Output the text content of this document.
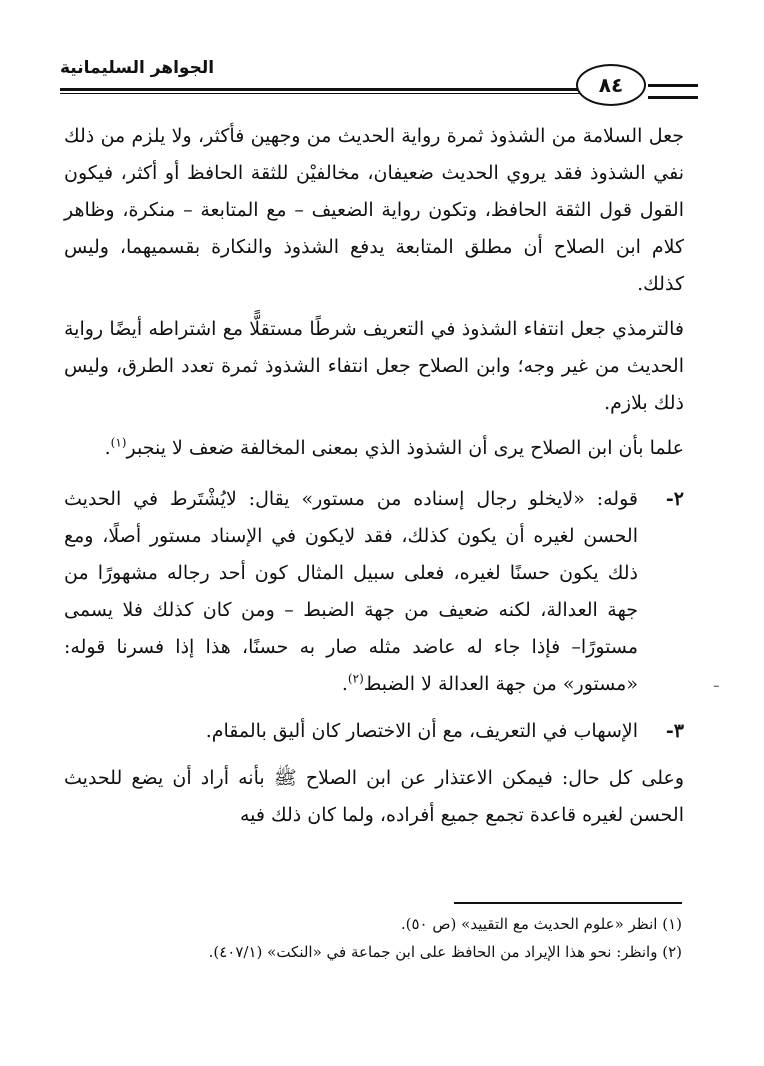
الجواهر السليمانية
٨٤

جعل السلامة من الشذوذ ثمرة رواية الحديث من وجهين فأكثر، ولا يلزم من ذلك نفي الشذوذ فقد يروي الحديث ضعيفان، مخالفيْن للثقة الحافظ أو أكثر، فيكون القول قول الثقة الحافظ، وتكون رواية الضعيف – مع المتابعة – منكرة، وظاهر كلام ابن الصلاح أن مطلق المتابعة يدفع الشذوذ والنكارة بقسميهما، وليس كذلك.

فالترمذي جعل انتفاء الشذوذ في التعريف شرطًا مستقلًّا مع اشتراطه أيضًا رواية الحديث من غير وجه؛ وابن الصلاح جعل انتفاء الشذوذ ثمرة تعدد الطرق، وليس ذلك بلازم.

علما بأن ابن الصلاح يرى أن الشذوذ الذي بمعنى المخالفة ضعف لا ينجبر$^{(١)}$.

٢-
قوله: «لايخلو رجال إسناده من مستور» يقال: لايُشْتَرط في الحديث الحسن لغيره أن يكون كذلك، فقد لايكون في الإسناد مستور أصلًا، ومع ذلك يكون حسنًا لغيره، فعلى سبيل المثال كون أحد رجاله مشهورًا من جهة العدالة، لكنه ضعيف من جهة الضبط – ومن كان كذلك فلا يسمى مستورًا– فإذا جاء له عاضد مثله صار به حسنًا، هذا إذا فسرنا قوله: «مستور» من جهة العدالة لا الضبط$^{(٢)}$.
٣-
الإسهاب في التعريف، مع أن الاختصار كان أليق بالمقام.

وعلى كل حال: فيمكن الاعتذار عن ابن الصلاح ﷺ بأنه أراد أن يضع للحديث الحسن لغيره قاعدة تجمع جميع أفراده، ولما كان ذلك فيه

ـ

(١) انظر «علوم الحديث مع التقييد» (ص ٥٠).

(٢) وانظر: نحو هذا الإيراد من الحافظ على ابن جماعة في «النكت» (٤٠٧/١).
